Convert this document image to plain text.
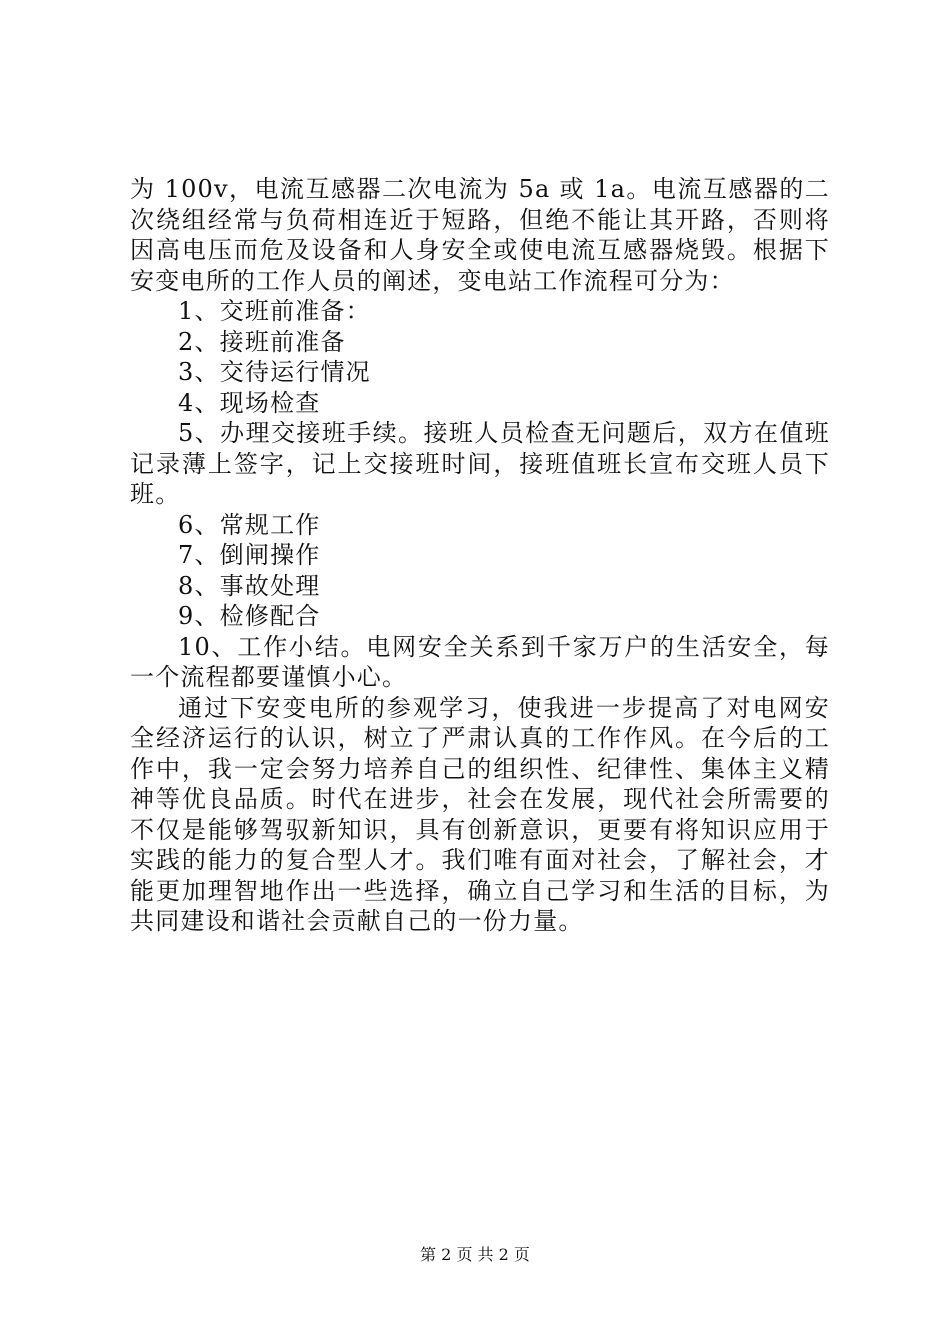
为 100v，电流互感器二次电流为 5a 或 1a。电流互感器的二次绕组经常与负荷相连近于短路，但绝不能让其开路，否则将因高电压而危及设备和人身安全或使电流互感器烧毁。根据下安变电所的工作人员的阐述，变电站工作流程可分为：

1、交班前准备：

2、接班前准备

3、交待运行情况

4、现场检查

5、办理交接班手续。接班人员检查无问题后，双方在值班记录薄上签字，记上交接班时间，接班值班长宣布交班人员下班。

6、常规工作

7、倒闸操作

8、事故处理

9、检修配合

10、工作小结。电网安全关系到千家万户的生活安全，每一个流程都要谨慎小心。

通过下安变电所的参观学习，使我进一步提高了对电网安全经济运行的认识，树立了严肃认真的工作作风。在今后的工作中，我一定会努力培养自己的组织性、纪律性、集体主义精神等优良品质。时代在进步，社会在发展，现代社会所需要的不仅是能够驾驭新知识，具有创新意识，更要有将知识应用于实践的能力的复合型人才。我们唯有面对社会，了解社会，才能更加理智地作出一些选择，确立自己学习和生活的目标，为共同建设和谐社会贡献自己的一份力量。

第 2 页 共 2 页
